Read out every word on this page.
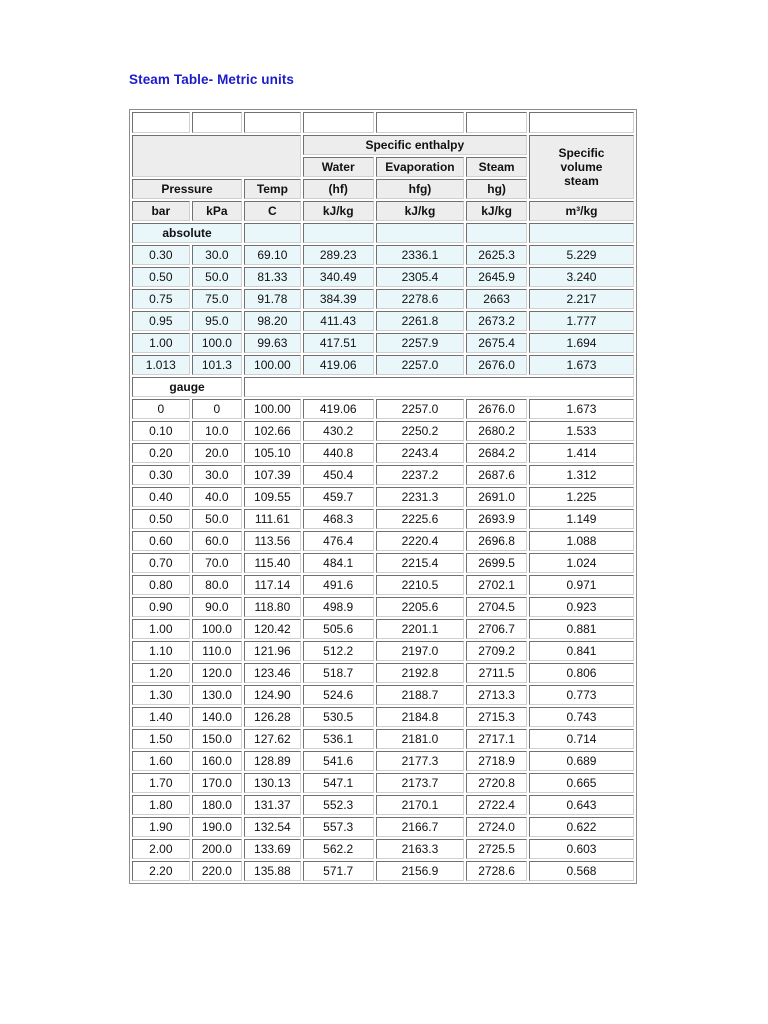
Steam Table- Metric units

			Specific enthalpy			Specific volume steam
			Water	Evaporation	Steam	
Pressure		Temp	(hf)	hfg)	hg)	
bar	kPa	C	kJ/kg	kJ/kg	kJ/kg	m³/kg
absolute						
0.30	30.0	69.10	289.23	2336.1	2625.3	5.229
0.50	50.0	81.33	340.49	2305.4	2645.9	3.240
0.75	75.0	91.78	384.39	2278.6	2663	2.217
0.95	95.0	98.20	411.43	2261.8	2673.2	1.777
1.00	100.0	99.63	417.51	2257.9	2675.4	1.694
1.013	101.3	100.00	419.06	2257.0	2676.0	1.673
gauge						
0	0	100.00	419.06	2257.0	2676.0	1.673
0.10	10.0	102.66	430.2	2250.2	2680.2	1.533
0.20	20.0	105.10	440.8	2243.4	2684.2	1.414
0.30	30.0	107.39	450.4	2237.2	2687.6	1.312
0.40	40.0	109.55	459.7	2231.3	2691.0	1.225
0.50	50.0	111.61	468.3	2225.6	2693.9	1.149
0.60	60.0	113.56	476.4	2220.4	2696.8	1.088
0.70	70.0	115.40	484.1	2215.4	2699.5	1.024
0.80	80.0	117.14	491.6	2210.5	2702.1	0.971
0.90	90.0	118.80	498.9	2205.6	2704.5	0.923
1.00	100.0	120.42	505.6	2201.1	2706.7	0.881
1.10	110.0	121.96	512.2	2197.0	2709.2	0.841
1.20	120.0	123.46	518.7	2192.8	2711.5	0.806
1.30	130.0	124.90	524.6	2188.7	2713.3	0.773
1.40	140.0	126.28	530.5	2184.8	2715.3	0.743
1.50	150.0	127.62	536.1	2181.0	2717.1	0.714
1.60	160.0	128.89	541.6	2177.3	2718.9	0.689
1.70	170.0	130.13	547.1	2173.7	2720.8	0.665
1.80	180.0	131.37	552.3	2170.1	2722.4	0.643
1.90	190.0	132.54	557.3	2166.7	2724.0	0.622
2.00	200.0	133.69	562.2	2163.3	2725.5	0.603
2.20	220.0	135.88	571.7	2156.9	2728.6	0.568
